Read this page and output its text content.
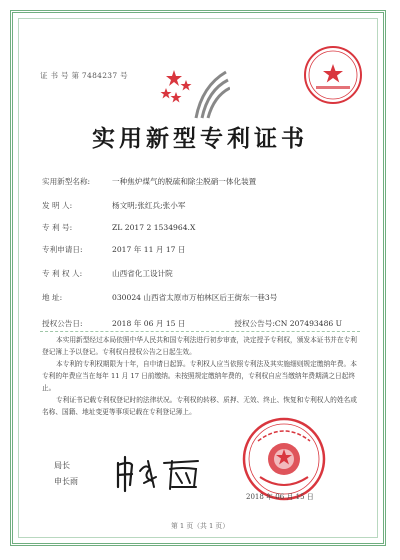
证 书 号 第 7484237 号
实用新型专利证书
实用新型名称:	一种焦炉煤气的脱硫和除尘脱硝一体化装置
发 明 人:	杨文明;张红兵;张小军
专 利 号:	ZL 2017 2 1534964.X
专利申请日:	2017 年 11 月 17 日
专 利 权 人:	山西省化工设计院
地 址:	030024 山西省太原市万柏林区后王街东一巷3号
授权公告日:	2018 年 06 月 15 日	授权公告号:CN 207493486 U
本实用新型经过本局依照中华人民共和国专利法进行初步审查，决定授予专利权，颁发本证书并在专利登记簿上予以登记。专利权自授权公告之日起生效。
本专利的专利权期限为十年，自申请日起算。专利权人应当依照专利法及其实施细则规定缴纳年费。本专利的年费应当在每年 11 月 17 日前缴纳。未按照规定缴纳年费的，专利权自应当缴纳年费期满之日起终止。
专利证书记载专利权登记时的法律状况。专利权的转移、质押、无效、终止、恢复和专利权人的姓名或名称、国籍、地址变更等事项记载在专利登记簿上。
局长
申长雨
2018 年 06 月 15 日
第 1 页（共 1 页）
